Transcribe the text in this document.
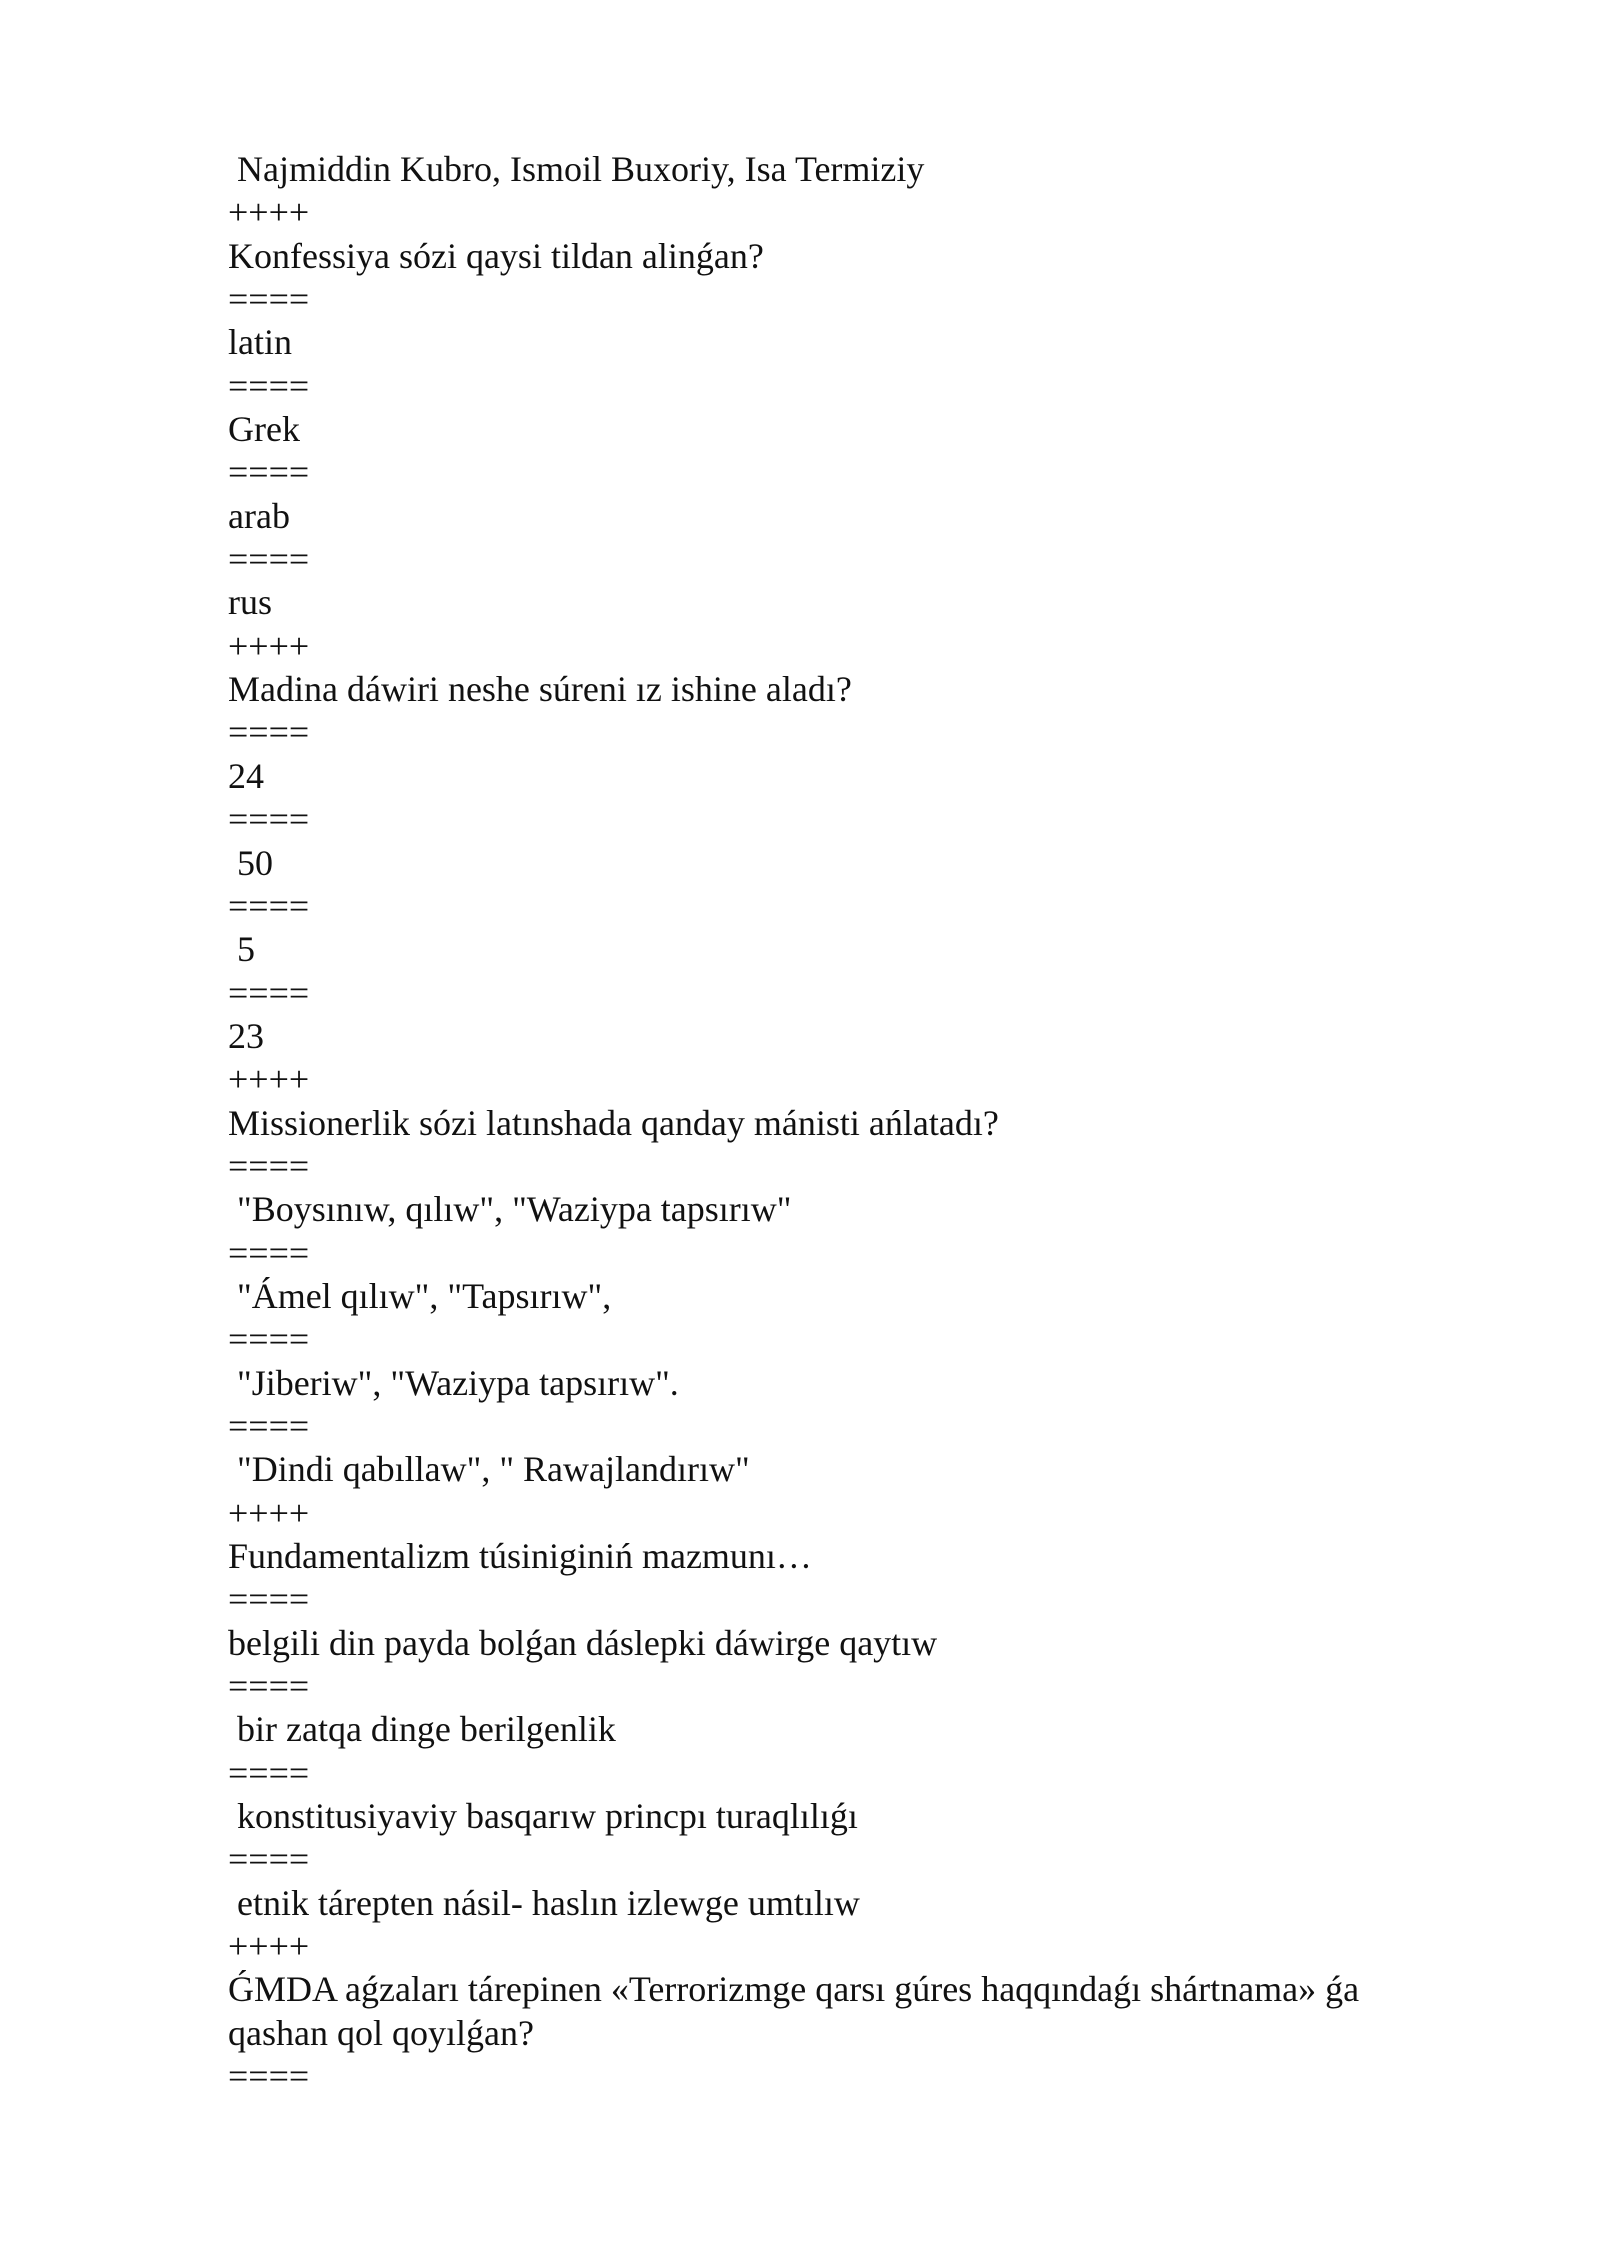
Najmiddin Kubro, Ismoil Buxoriy, Isa Termiziy
++++
Konfessiya sózi qaysi tildan alinǵan?
====
latin
====
Grek
====
arab
====
rus
++++
Madina dáwiri neshe súreni ız ishine aladı?
====
24
====
50
====
5
====
23
++++
Missionerlik sózi latınshada qanday mánisti ańlatadı?
====
"Boysınıw, qılıw", "Waziypa tapsırıw"
====
"Ámel qılıw", "Tapsırıw",
====
"Jiberiw", "Waziypa tapsırıw".
====
"Dindi qabıllaw", " Rawajlandırıw"
++++
Fundamentalizm túsiniginiń mazmunı…
====
belgili din payda bolǵan dáslepki dáwirge qaytıw
====
bir zatqa dinge berilgenlik
====
konstitusiyaviy basqarıw princpı turaqlılıǵı
====
etnik tárepten násil- haslın izlewge umtılıw
++++
ǴMDA aǵzaları tárepinen «Terrorizmge qarsı gúres haqqındaǵı shártnama» ǵa
qashan qol qoyılǵan?
====
